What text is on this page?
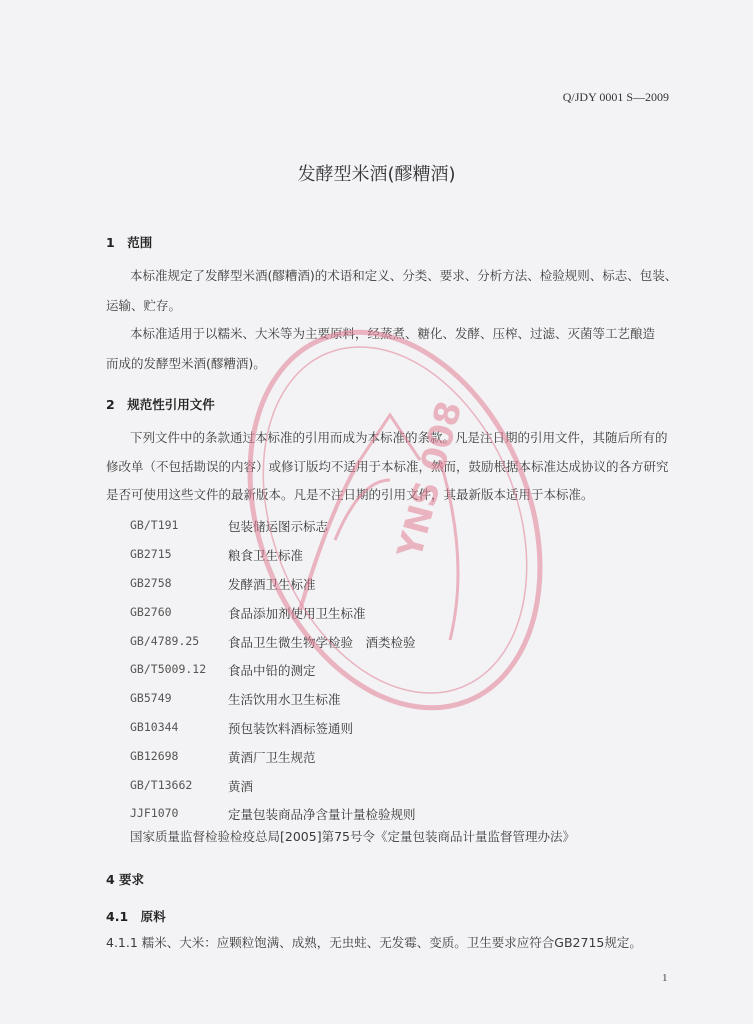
Q/JDY 0001 S—2009
发酵型米酒(醪糟酒)
1　范围
本标准规定了发酵型米酒(醪糟酒)的术语和定义、分类、要求、分析方法、检验规则、标志、包装、
运输、贮存。
本标准适用于以糯米、大米等为主要原料，经蒸煮、糖化、发酵、压榨、过滤、灭菌等工艺酿造
而成的发酵型米酒(醪糟酒)。
2　规范性引用文件
下列文件中的条款通过本标准的引用而成为本标准的条款。凡是注日期的引用文件，其随后所有的
修改单（不包括勘误的内容）或修订版均不适用于本标准，然而，鼓励根据本标准达成协议的各方研究
是否可使用这些文件的最新版本。凡是不注日期的引用文件，其最新版本适用于本标准。
GB/T191	包装储运图示标志
GB2715	粮食卫生标准
GB2758	发酵酒卫生标准
GB2760	食品添加剂使用卫生标准
GB/4789.25 食品卫生微生物学检验　酒类检验
GB/T5009.12 食品中铅的测定
GB5749	生活饮用水卫生标准
GB10344	预包装饮料酒标签通则
GB12698	黄酒厂卫生规范
GB/T13662	黄酒
JJF1070	定量包装商品净含量计量检验规则
国家质量监督检验检疫总局[2005]第75号令《定量包装商品计量监督管理办法》
4 要求
4.1　原料
4.1.1 糯米、大米：应颗粒饱满、成熟，无虫蛀、无发霉、变质。卫生要求应符合GB2715规定。
YNS 008
1
